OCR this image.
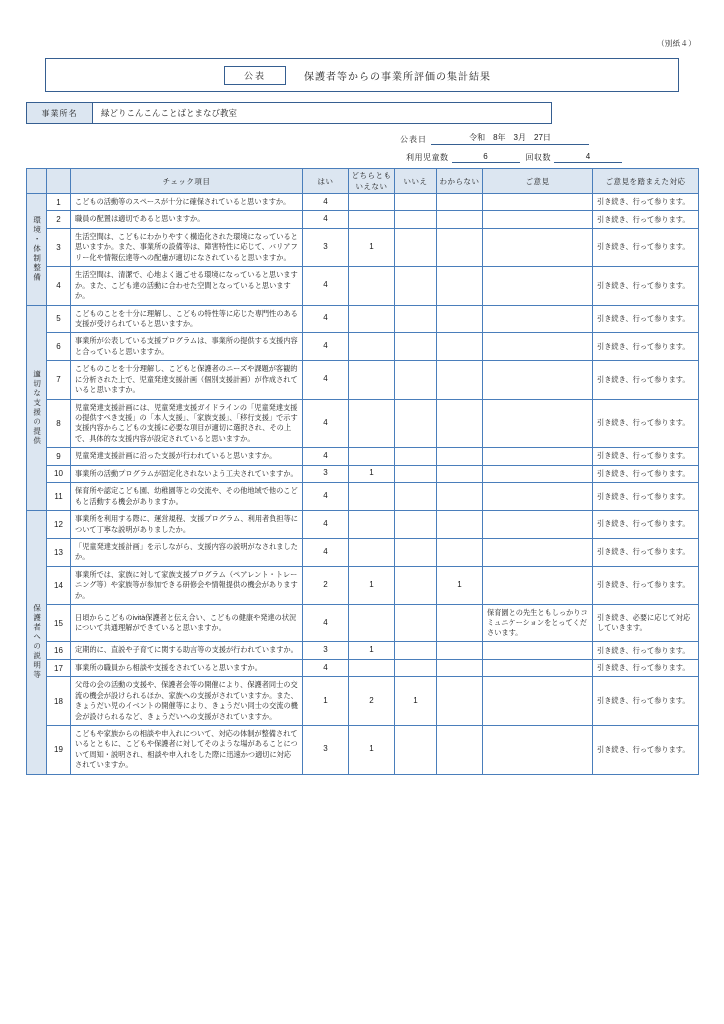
（別紙４）
公表	保護者等からの事業所評価の集計結果
事業所名	緑どりこんこんことばとまなび教室
公表日	令和　8年　3月　27日
利用児童数	6	回収数	4
		チェック項目	はい	どちらともいえない	いいえ	わからない	ご意見	ご意見を踏まえた対応

環境・体制整備	1	こどもの活動等のスペースが十分に確保されていると思いますか。	4					引き続き、行って参ります。
	2	職員の配置は適切であると思いますか。	4					引き続き、行って参ります。
	3	生活空間は、こどもにわかりやすく構造化された環境になっていると思いますか。また、事業所の設備等は、障害特性に応じて、バリアフリー化や情報伝達等への配慮が適切になされていると思いますか。	3	1				引き続き、行って参ります。
	4	生活空間は、清潔で、心地よく過ごせる環境になっていると思いますか。また、こども達の活動に合わせた空間となっていると思いますか。	4					引き続き、行って参ります。

適切な支援の提供	5	こどものことを十分に理解し、こどもの特性等に応じた専門性のある支援が受けられていると思いますか。	4					引き続き、行って参ります。
	6	事業所が公表している支援プログラムは、事業所の提供する支援内容と合っていると思いますか。	4					引き続き、行って参ります。
	7	こどものことを十分理解し、こどもと保護者のニーズや課題が客観的に分析された上で、児童発達支援計画（個別支援計画）が作成されていると思いますか。	4					引き続き、行って参ります。
	8	児童発達支援計画には、児童発達支援ガイドラインの「児童発達支援の提供すべき支援」の「本人支援」、「家族支援」、「移行支援」で示す支援内容からこどもの支援に必要な項目が適切に選択され、その上で、具体的な支援内容が設定されていると思いますか。	4					引き続き、行って参ります。
	9	児童発達支援計画に沿った支援が行われていると思いますか。	4					引き続き、行って参ります。
	10	事業所の活動プログラムが固定化されないよう工夫されていますか。	3	1				引き続き、行って参ります。
	11	保育所や認定こども園、幼稚園等との交流や、その他地域で他のこどもと活動する機会がありますか。	4					引き続き、行って参ります。

保護者への説明等	12	事業所を利用する際に、運営規程、支援プログラム、利用者負担等について丁寧な説明がありましたか。	4					引き続き、行って参ります。
	13	「児童発達支援計画」を示しながら、支援内容の説明がなされましたか。	4					引き続き、行って参ります。
	14	事業所では、家族に対して家族支援プログラム（ペアレント・トレーニング等）や家族等が参加できる研修会や情報提供の機会がありますか。	2	1		1		引き続き、行って参ります。
	15	日頃からこどものività保護者と伝え合い、こどもの健康や発達の状況について共通理解ができていると思いますか。	4				保育園との先生ともしっかりコミュニケーションをとってくださいます。	引き続き、必要に応じて対応していきます。
	16	定期的に、直説や子育てに関する助言等の支援が行われていますか。	3	1				引き続き、行って参ります。
	17	事業所の職員から相談や支援をされていると思いますか。	4					引き続き、行って参ります。
	18	父母の会の活動の支援や、保護者会等の開催により、保護者同士の交流の機会が設けられるほか、家族への支援がされていますか。また、きょうだい児のイベントの開催等により、きょうだい同士の交流の機会が設けられるなど、きょうだいへの支援がされていますか。	1	2	1			引き続き、行って参ります。
	19	こどもや家族からの相談や申入れについて、対応の体制が整備されているとともに、こどもや保護者に対してそのような場があることについて周知・説明され、相談や申入れをした際に迅速かつ適切に対応されていますか。	3	1				引き続き、行って参ります。
